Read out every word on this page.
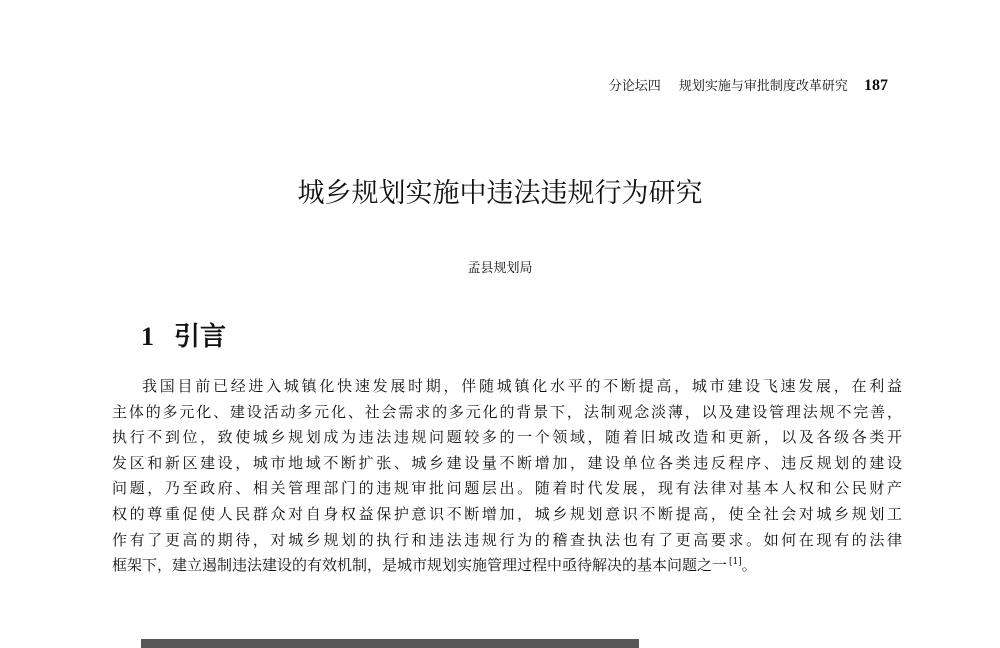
分论坛四 规划实施与审批制度改革研究 187
城乡规划实施中违法违规行为研究
孟县规划局
1 引言
我国目前已经进入城镇化快速发展时期，伴随城镇化水平的不断提高，城市建设飞速发展，在利益
主体的多元化、建设活动多元化、社会需求的多元化的背景下，法制观念淡薄，以及建设管理法规不完善，
执行不到位，致使城乡规划成为违法违规问题较多的一个领域，随着旧城改造和更新，以及各级各类开
发区和新区建设，城市地域不断扩张、城乡建设量不断增加，建设单位各类违反程序、违反规划的建设
问题，乃至政府、相关管理部门的违规审批问题层出。随着时代发展，现有法律对基本人权和公民财产
权的尊重促使人民群众对自身权益保护意识不断增加，城乡规划意识不断提高，使全社会对城乡规划工
作有了更高的期待，对城乡规划的执行和违法违规行为的稽查执法也有了更高要求。如何在现有的法律
框架下，建立遏制违法建设的有效机制，是城市规划实施管理过程中亟待解决的基本问题之一 [1]。
